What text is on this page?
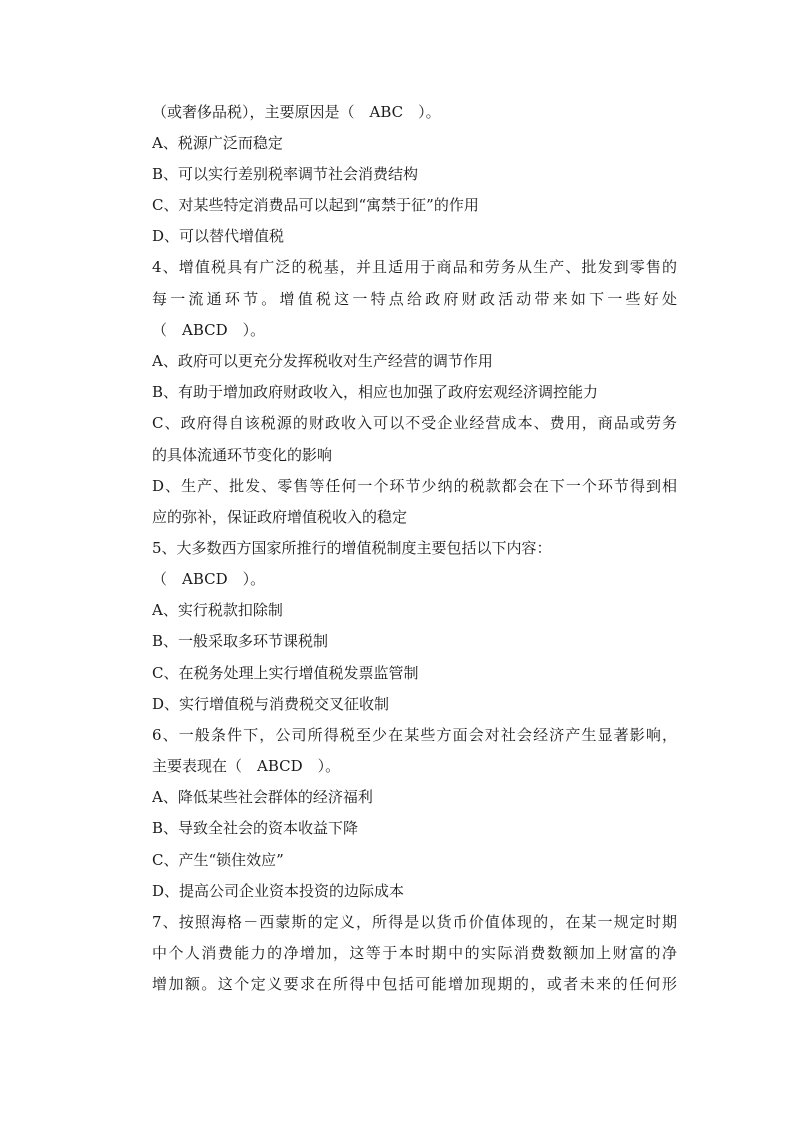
（或奢侈品税），主要原因是（　ABC　）。
A、税源广泛而稳定
B、可以实行差别税率调节社会消费结构
C、对某些特定消费品可以起到“寓禁于征”的作用
D、可以替代增值税
4、增值税具有广泛的税基，并且适用于商品和劳务从生产、批发到零售的
每一流通环节。增值税这一特点给政府财政活动带来如下一些好处
（　ABCD　）。
A、政府可以更充分发挥税收对生产经营的调节作用
B、有助于增加政府财政收入，相应也加强了政府宏观经济调控能力
C、政府得自该税源的财政收入可以不受企业经营成本、费用，商品或劳务
的具体流通环节变化的影响
D、生产、批发、零售等任何一个环节少纳的税款都会在下一个环节得到相
应的弥补，保证政府增值税收入的稳定
5、大多数西方国家所推行的增值税制度主要包括以下内容：
（　ABCD　）。
A、实行税款扣除制
B、一般采取多环节课税制
C、在税务处理上实行增值税发票监管制
D、实行增值税与消费税交叉征收制
6、一般条件下，公司所得税至少在某些方面会对社会经济产生显著影响，
主要表现在（　ABCD　）。
A、降低某些社会群体的经济福利
B、导致全社会的资本收益下降
C、产生“锁住效应”
D、提高公司企业资本投资的边际成本
7、按照海格－西蒙斯的定义，所得是以货币价值体现的，在某一规定时期
中个人消费能力的净增加，这等于本时期中的实际消费数额加上财富的净
增加额。这个定义要求在所得中包括可能增加现期的，或者未来的任何形
